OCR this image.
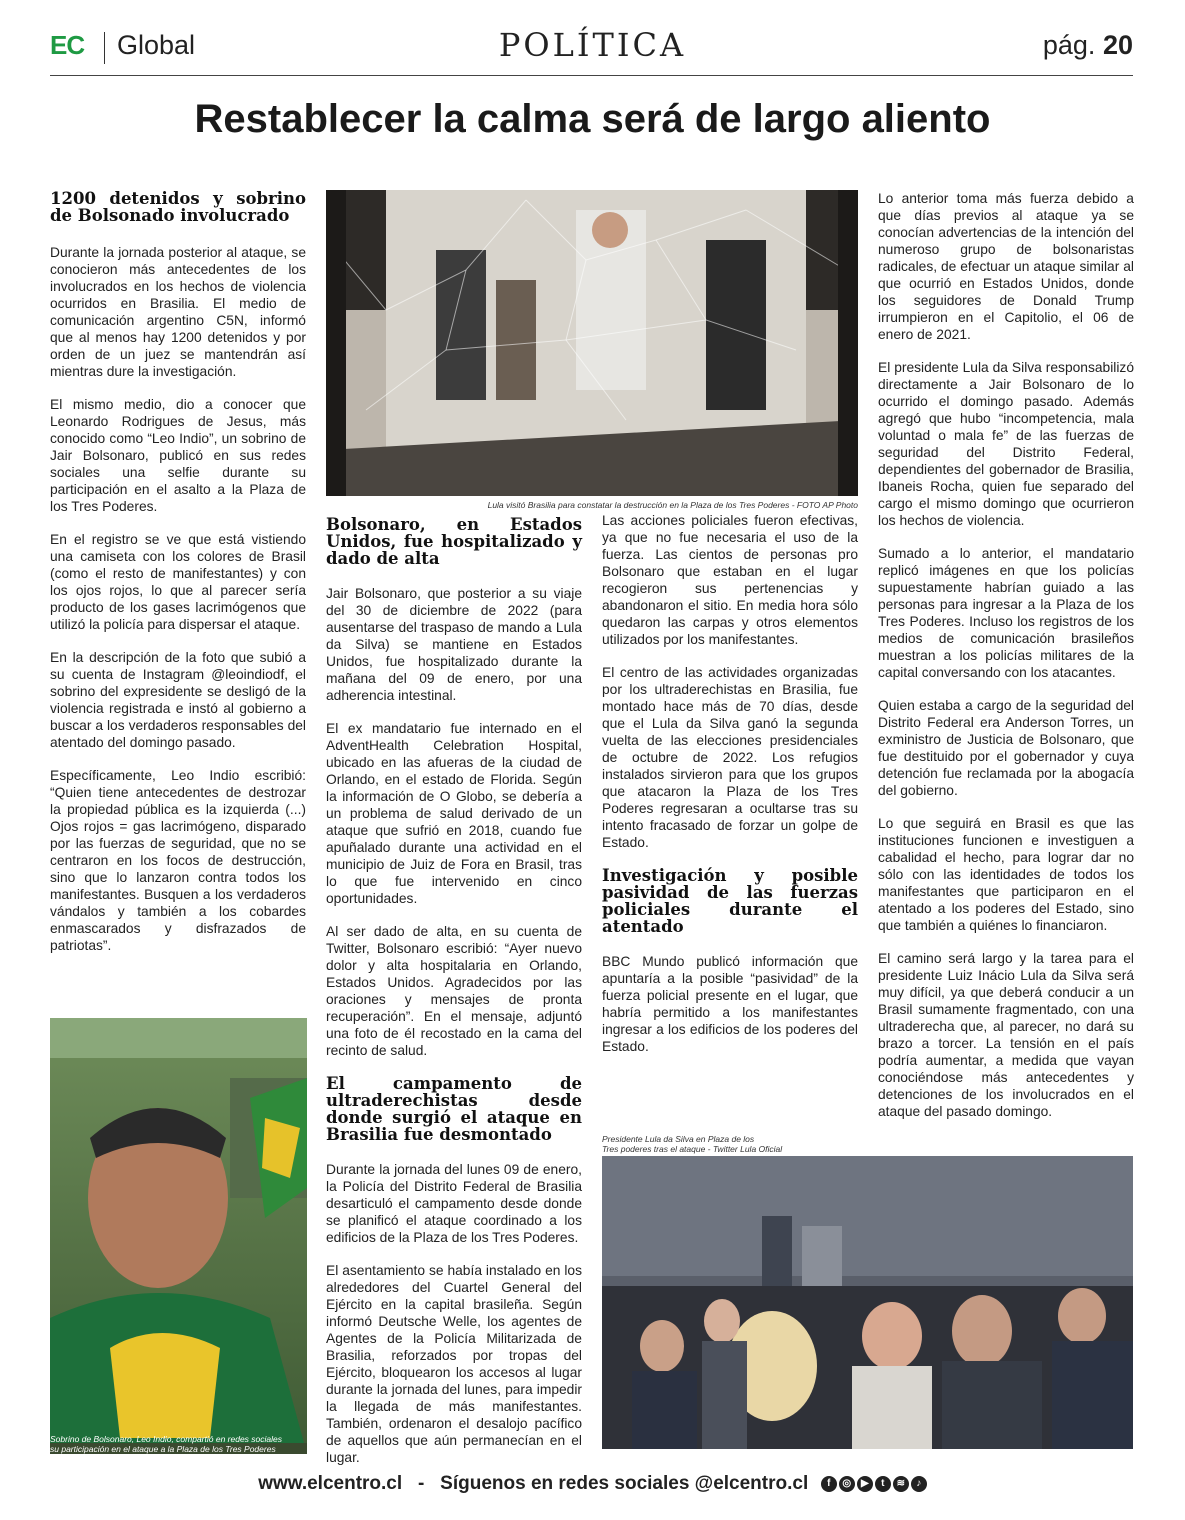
EC Global	POLÍTICA	pág. 20
Restablecer la calma será de largo aliento
1200 detenidos y sobrino de Bolsonado involucrado

Durante la jornada posterior al ataque, se conocieron más antecedentes de los involucrados en los hechos de violencia ocurridos en Brasilia. El medio de comunicación argentino C5N, informó que al menos hay 1200 detenidos y por orden de un juez se mantendrán así mientras dure la investigación.

El mismo medio, dio a conocer que Leonardo Rodrigues de Jesus, más conocido como “Leo Indio”, un sobrino de Jair Bolsonaro, publicó en sus redes sociales una selfie durante su participación en el asalto a la Plaza de los Tres Poderes.

En el registro se ve que está vistiendo una camiseta con los colores de Brasil (como el resto de manifestantes) y con los ojos rojos, lo que al parecer sería producto de los gases lacrimógenos que utilizó la policía para dispersar el ataque.

En la descripción de la foto que subió a su cuenta de Instagram @leoindiodf, el sobrino del expresidente se desligó de la violencia registrada e instó al gobierno a buscar a los verdaderos responsables del atentado del domingo pasado.

Específicamente, Leo Indio escribió: “Quien tiene antecedentes de destrozar la propiedad pública es la izquierda (...) Ojos rojos = gas lacrimógeno, disparado por las fuerzas de seguridad, que no se centraron en los focos de destrucción, sino que lo lanzaron contra todos los manifestantes. Busquen a los verdaderos vándalos y también a los cobardes enmascarados y disfrazados de patriotas”.

Sobrino de Bolsonaro, Leo Indio, compartió en redes sociales
su participación en el ataque a la Plaza de los Tres Poderes
Lula visitó Brasilia para constatar la destrucción en la Plaza de los Tres Poderes - FOTO AP Photo
Bolsonaro, en Estados Unidos, fue hospitalizado y dado de alta

Jair Bolsonaro, que posterior a su viaje del 30 de diciembre de 2022 (para ausentarse del traspaso de mando a Lula da Silva) se mantiene en Estados Unidos, fue hospitalizado durante la mañana del 09 de enero, por una adherencia intestinal.

El ex mandatario fue internado en el AdventHealth Celebration Hospital, ubicado en las afueras de la ciudad de Orlando, en el estado de Florida. Según la información de O Globo, se debería a un problema de salud derivado de un ataque que sufrió en 2018, cuando fue apuñalado durante una actividad en el municipio de Juiz de Fora en Brasil, tras lo que fue intervenido en cinco oportunidades.

Al ser dado de alta, en su cuenta de Twitter, Bolsonaro escribió: “Ayer nuevo dolor y alta hospitalaria en Orlando, Estados Unidos. Agradecidos por las oraciones y mensajes de pronta recuperación”. En el mensaje, adjuntó una foto de él recostado en la cama del recinto de salud.

El campamento de ultraderechistas desde donde surgió el ataque en Brasilia fue desmontado

Durante la jornada del lunes 09 de enero, la Policía del Distrito Federal de Brasilia desarticuló el campamento desde donde se planificó el ataque coordinado a los edificios de la Plaza de los Tres Poderes.

El asentamiento se había instalado en los alrededores del Cuartel General del Ejército en la capital brasileña. Según informó Deutsche Welle, los agentes de Agentes de la Policía Militarizada de Brasilia, reforzados por tropas del Ejército, bloquearon los accesos al lugar durante la jornada del lunes, para impedir la llegada de más manifestantes. También, ordenaron el desalojo pacífico de aquellos que aún permanecían en el lugar.

Las acciones policiales fueron efectivas, ya que no fue necesaria el uso de la fuerza. Las cientos de personas pro Bolsonaro que estaban en el lugar recogieron sus pertenencias y abandonaron el sitio. En media hora sólo quedaron las carpas y otros elementos utilizados por los manifestantes.

El centro de las actividades organizadas por los ultraderechistas en Brasilia, fue montado hace más de 70 días, desde que el Lula da Silva ganó la segunda vuelta de las elecciones presidenciales de octubre de 2022. Los refugios instalados sirvieron para que los grupos que atacaron la Plaza de los Tres Poderes regresaran a ocultarse tras su intento fracasado de forzar un golpe de Estado.

Investigación y posible pasividad de las fuerzas policiales durante el atentado

BBC Mundo publicó información que apuntaría a la posible “pasividad” de la fuerza policial presente en el lugar, que habría permitido a los manifestantes ingresar a los edificios de los poderes del Estado.

Presidente Lula da Silva en Plaza de los
Tres poderes tras el ataque - Twitter Lula Oficial

Lo anterior toma más fuerza debido a que días previos al ataque ya se conocían advertencias de la intención del numeroso grupo de bolsonaristas radicales, de efectuar un ataque similar al que ocurrió en Estados Unidos, donde los seguidores de Donald Trump irrumpieron en el Capitolio, el 06 de enero de 2021.

El presidente Lula da Silva responsabilizó directamente a Jair Bolsonaro de lo ocurrido el domingo pasado. Además agregó que hubo “incompetencia, mala voluntad o mala fe” de las fuerzas de seguridad del Distrito Federal, dependientes del gobernador de Brasilia, Ibaneis Rocha, quien fue separado del cargo el mismo domingo que ocurrieron los hechos de violencia.

Sumado a lo anterior, el mandatario replicó imágenes en que los policías supuestamente habrían guiado a las personas para ingresar a la Plaza de los Tres Poderes. Incluso los registros de los medios de comunicación brasileños muestran a los policías militares de la capital conversando con los atacantes.

Quien estaba a cargo de la seguridad del Distrito Federal era Anderson Torres, un exministro de Justicia de Bolsonaro, que fue destituido por el gobernador y cuya detención fue reclamada por la abogacía del gobierno.

Lo que seguirá en Brasil es que las instituciones funcionen e investiguen a cabalidad el hecho, para lograr dar no sólo con las identidades de todos los manifestantes que participaron en el atentado a los poderes del Estado, sino que también a quiénes lo financiaron.

El camino será largo y la tarea para el presidente Luiz Inácio Lula da Silva será muy difícil, ya que deberá conducir a un Brasil sumamente fragmentado, con una ultraderecha que, al parecer, no dará su brazo a torcer. La tensión en el país podría aumentar, a medida que vayan conociéndose más antecedentes y detenciones de los involucrados en el ataque del pasado domingo.

www.elcentro.cl - Síguenos en redes sociales @elcentro.cl f ◎ ▶ t ≋ ♪
